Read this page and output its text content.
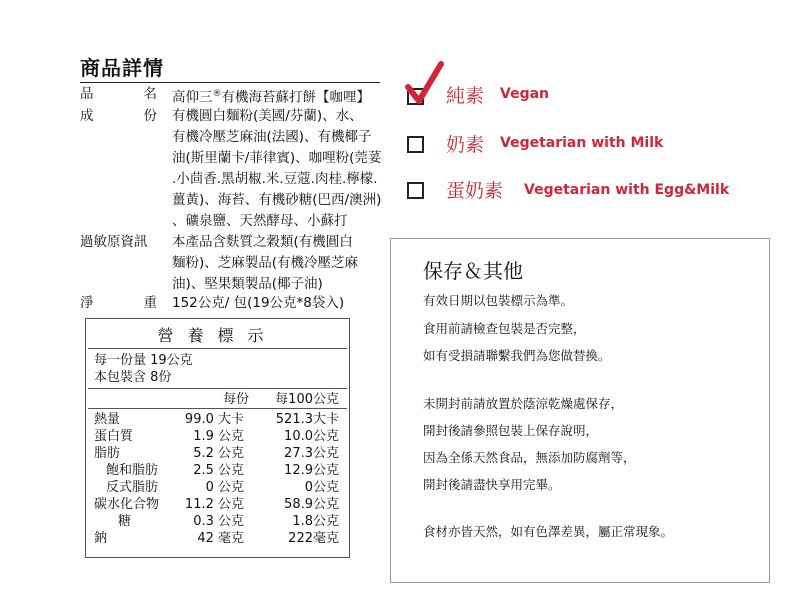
商品詳情
品	名 高仰三®有機海苔蘇打餅【咖哩】
成	份 有機圓白麵粉(美國/芬蘭)、水、
有機冷壓芝麻油(法國)、有機椰子
油(斯里蘭卡/菲律賓)、咖哩粉(莞荽
.小茴香.黑胡椒.米.豆蔻.肉桂.檸檬.
薑黃)、海苔、有機砂糖(巴西/澳洲)
、礦泉鹽、天然酵母、小蘇打
過敏原資訊	本產品含麩質之穀類(有機圓白
麵粉)、芝麻製品(有機冷壓芝麻
油)、堅果類製品(椰子油)
淨	重 152公克/ 包(19公克*8袋入)
營養標示
每一份量 19公克
本包裝含 8份
每份	每100公克
熱量	99.0 大卡	521.3大卡
蛋白質	1.9 公克	10.0公克
脂肪	5.2 公克	27.3公克
飽和脂肪	2.5 公克	12.9公克
反式脂肪	0 公克	0公克
碳水化合物	11.2 公克	58.9公克
糖	0.3 公克	1.8公克
鈉	42 毫克	222毫克
純素 Vegan
奶素 Vegetarian with Milk
蛋奶素 Vegetarian with Egg&Milk
保存＆其他
有效日期以包裝標示為準。
食用前請檢查包裝是否完整，
如有受損請聯繫我們為您做替換。
未開封前請放置於蔭涼乾燥處保存，
開封後請參照包裝上保存說明，
因為全係天然食品，無添加防腐劑等，
開封後請盡快享用完畢。
食材亦皆天然，如有色澤差異，屬正常現象。
